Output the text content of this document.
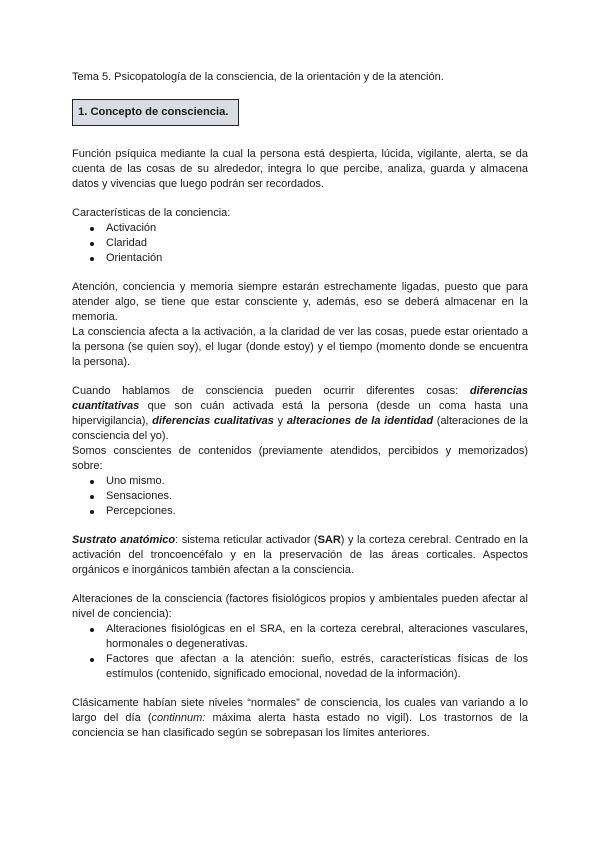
Tema 5. Psicopatología de la consciencia, de la orientación y de la atención.

1. Concepto de consciencia.

Función psíquica mediante la cual la persona está despierta, lúcida, vigilante, alerta, se da cuenta de las cosas de su alrededor, integra lo que percibe, analiza, guarda y almacena datos y vivencias que luego podrán ser recordados.

Características de la conciencia:

Activación
Claridad
Orientación

Atención, conciencia y memoria siempre estarán estrechamente ligadas, puesto que para atender algo, se tiene que estar consciente y, además, eso se deberá almacenar en la memoria.

La consciencia afecta a la activación, a la claridad de ver las cosas, puede estar orientado a la persona (se quien soy), el lugar (donde estoy) y el tiempo (momento donde se encuentra la persona).

Cuando hablamos de consciencia pueden ocurrir diferentes cosas: diferencias cuantitativas que son cuán activada está la persona (desde un coma hasta una hipervigilancia), diferencias cualitativas y alteraciones de la identidad (alteraciones de la consciencia del yo).

Somos conscientes de contenidos (previamente atendidos, percibidos y memorizados) sobre:

Uno mismo.
Sensaciones.
Percepciones.

Sustrato anatómico: sistema reticular activador (SAR) y la corteza cerebral. Centrado en la activación del troncoencéfalo y en la preservación de las áreas corticales. Aspectos orgánicos e inorgánicos también afectan a la consciencia.

Alteraciones de la consciencia (factores fisiológicos propios y ambientales pueden afectar al nivel de conciencia):

Alteraciones fisiológicas en el SRA, en la corteza cerebral, alteraciones vasculares, hormonales o degenerativas.
Factores que afectan a la atención: sueño, estrés, características físicas de los estímulos (contenido, significado emocional, novedad de la información).

Clásicamente habían siete niveles “normales” de consciencia, los cuales van variando a lo largo del día (continnum: máxima alerta hasta estado no vigil). Los trastornos de la conciencia se han clasificado según se sobrepasan los límites anteriores.
